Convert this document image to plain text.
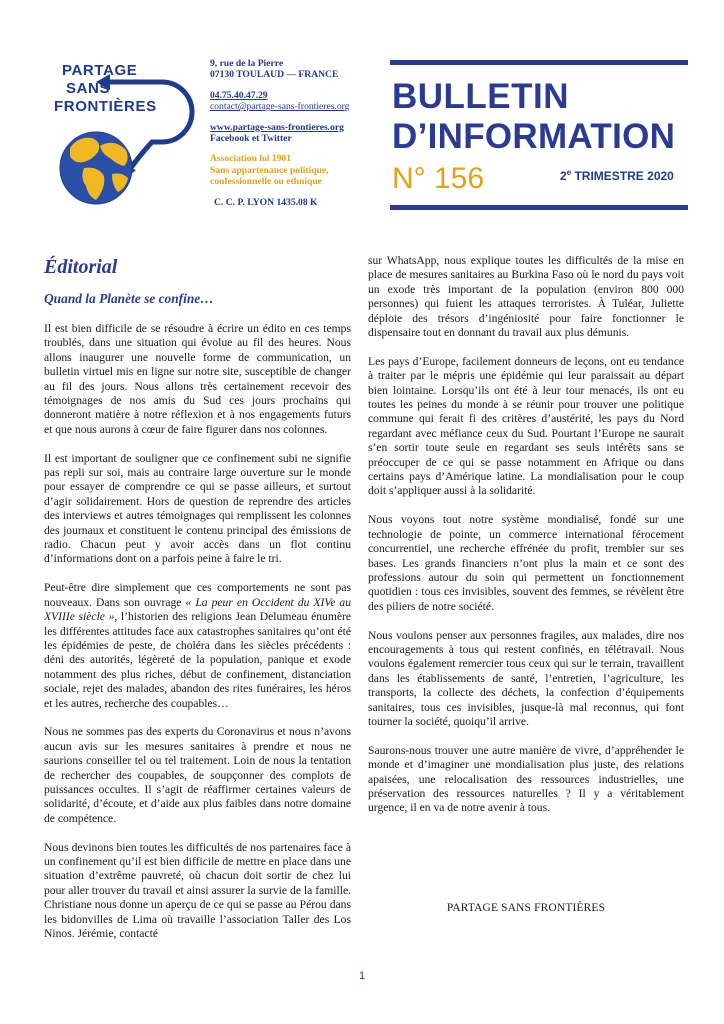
PARTAGE
SANS
FRONTIÈRES
9, rue de la Pierre
07130 TOULAUD — FRANCE
04.75.40.47.29
contact@partage-sans-frontieres.org
www.partage-sans-frontieres.org
Facebook et Twitter
Association loi 1901
Sans appartenance politique,
confessionnelle ou ethnique
C. C. P. LYON 1435.08 K
BULLETIN
D’INFORMATION
N° 156	2e TRIMESTRE 2020
Éditorial
Quand la Planète se confine…

Il est bien difficile de se résoudre à écrire un édito en ces temps troublés, dans une situation qui évolue au fil des heures. Nous allons inaugurer une nouvelle forme de communication, un bulletin virtuel mis en ligne sur notre site, susceptible de changer au fil des jours. Nous allons très certainement recevoir des témoignages de nos amis du Sud ces jours prochains qui donneront matière à notre réflexion et à nos engagements futurs et que nous aurons à cœur de faire figurer dans nos colonnes.

Il est important de souligner que ce confinement subi ne signifie pas repli sur soi, mais au contraire large ouverture sur le monde pour essayer de comprendre ce qui se passe ailleurs, et surtout d’agir solidairement. Hors de question de reprendre des articles des interviews et autres témoignages qui remplissent les colonnes des journaux et constituent le contenu principal des émissions de radio. Chacun peut y avoir accès dans un flot continu d’informations dont on a parfois peine à faire le tri.

Peut-être dire simplement que ces comportements ne sont pas nouveaux. Dans son ouvrage « La peur en Occident du XIVe au XVIIIe siècle », l’historien des religions Jean Delumeau énumère les différentes attitudes face aux catastrophes sanitaires qu’ont été les épidémies de peste, de choléra dans les siècles précédents : déni des autorités, légèreté de la population, panique et exode notamment des plus riches, début de confinement, distanciation sociale, rejet des malades, abandon des rites funéraires, les héros et les autres, recherche des coupables…

Nous ne sommes pas des experts du Coronavirus et nous n’avons aucun avis sur les mesures sanitaires à prendre et nous ne saurions conseiller tel ou tel traitement. Loin de nous la tentation de rechercher des coupables, de soupçonner des complots de puissances occultes. Il s’agit de réaffirmer certaines valeurs de solidarité, d’écoute, et d’aide aux plus faibles dans notre domaine de compétence.

Nous devinons bien toutes les difficultés de nos partenaires face à un confinement qu’il est bien difficile de mettre en place dans une situation d’extrême pauvreté, où chacun doit sortir de chez lui pour aller trouver du travail et ainsi assurer la survie de la famille. Christiane nous donne un aperçu de ce qui se passe au Pérou dans les bidonvilles de Lima où travaille l’association Taller des Los Ninos. Jérémie, contacté

sur WhatsApp, nous explique toutes les difficultés de la mise en place de mesures sanitaires au Burkina Faso où le nord du pays voit un exode très important de la population (environ 800 000 personnes) qui fuient les attaques terroristes. À Tuléar, Juliette déploie des trésors d’ingéniosité pour faire fonctionner le dispensaire tout en donnant du travail aux plus démunis.

Les pays d’Europe, facilement donneurs de leçons, ont eu tendance à traiter par le mépris une épidémie qui leur paraissait au départ bien lointaine. Lorsqu’ils ont été à leur tour menacés, ils ont eu toutes les peines du monde à se réunir pour trouver une politique commune qui ferait fi des critères d’austérité, les pays du Nord regardant avec méfiance ceux du Sud. Pourtant l’Europe ne saurait s’en sortir toute seule en regardant ses seuls intérêts sans se préoccuper de ce qui se passe notamment en Afrique ou dans certains pays d’Amérique latine. La mondialisation pour le coup doit s’appliquer aussi à la solidarité.

Nous voyons tout notre système mondialisé, fondé sur une technologie de pointe, un commerce international férocement concurrentiel, une recherche effrénée du profit, trembler sur ses bases. Les grands financiers n’ont plus la main et ce sont des professions autour du soin qui permettent un fonctionnement quotidien : tous ces invisibles, souvent des femmes, se révèlent être des piliers de notre société.

Nous voulons penser aux personnes fragiles, aux malades, dire nos encouragements à tous qui restent confinés, en télétravail. Nous voulons également remercier tous ceux qui sur le terrain, travaillent dans les établissements de santé, l’entretien, l’agriculture, les transports, la collecte des déchets, la confection d’équipements sanitaires, tous ces invisibles, jusque-là mal reconnus, qui font tourner la société, quoiqu’il arrive.

Saurons-nous trouver une autre manière de vivre, d’appréhender le monde et d’imaginer une mondialisation plus juste, des relations apaisées, une relocalisation des ressources industrielles, une préservation des ressources naturelles ? Il y a véritablement urgence, il en va de notre avenir à tous.

PARTAGE SANS FRONTIÈRES
1
